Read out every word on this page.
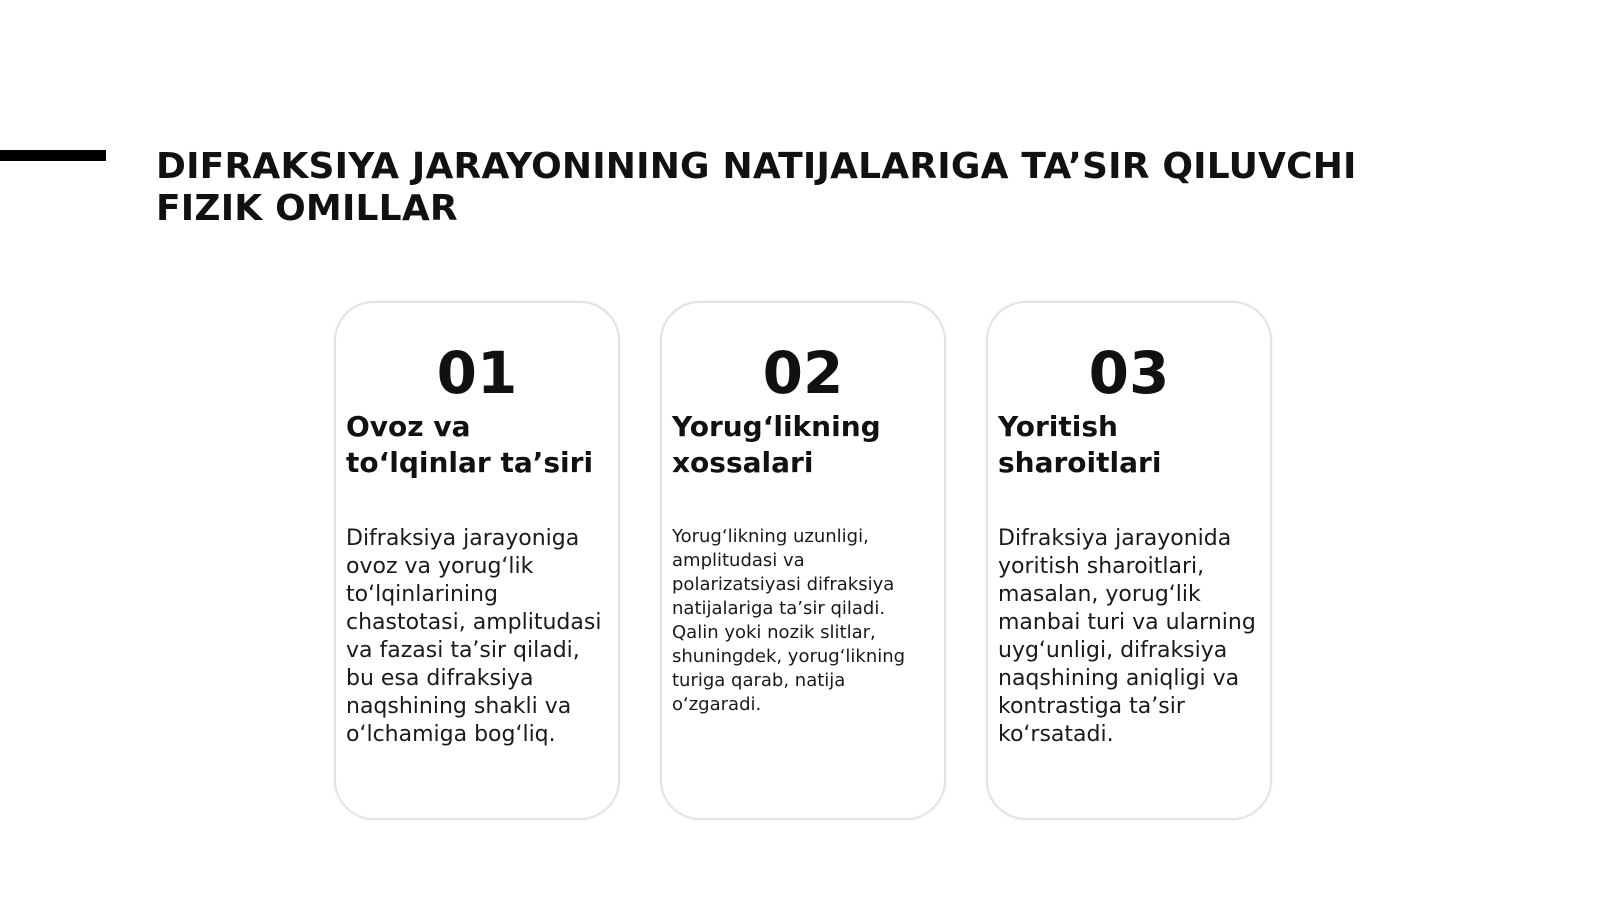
DIFRAKSIYA JARAYONINING NATIJALARIGA TA’SIR QILUVCHI FIZIK OMILLAR
01
Ovoz va to‘lqinlar ta’siri

Difraksiya jarayoniga ovoz va yorug‘lik to‘lqinlarining chastotasi, amplitudasi va fazasi ta’sir qiladi, bu esa difraksiya naqshining shakli va o‘lchamiga bog‘liq.

02
Yorug‘likning xossalari

Yorug‘likning uzunligi, amplitudasi va polarizatsiyasi difraksiya natijalariga ta’sir qiladi. Qalin yoki nozik slitlar, shuningdek, yorug‘likning turiga qarab, natija o‘zgaradi.

03
Yoritish sharoitlari

Difraksiya jarayonida yoritish sharoitlari, masalan, yorug‘lik manbai turi va ularning uyg‘unligi, difraksiya naqshining aniqligi va kontrastiga ta’sir ko‘rsatadi.
